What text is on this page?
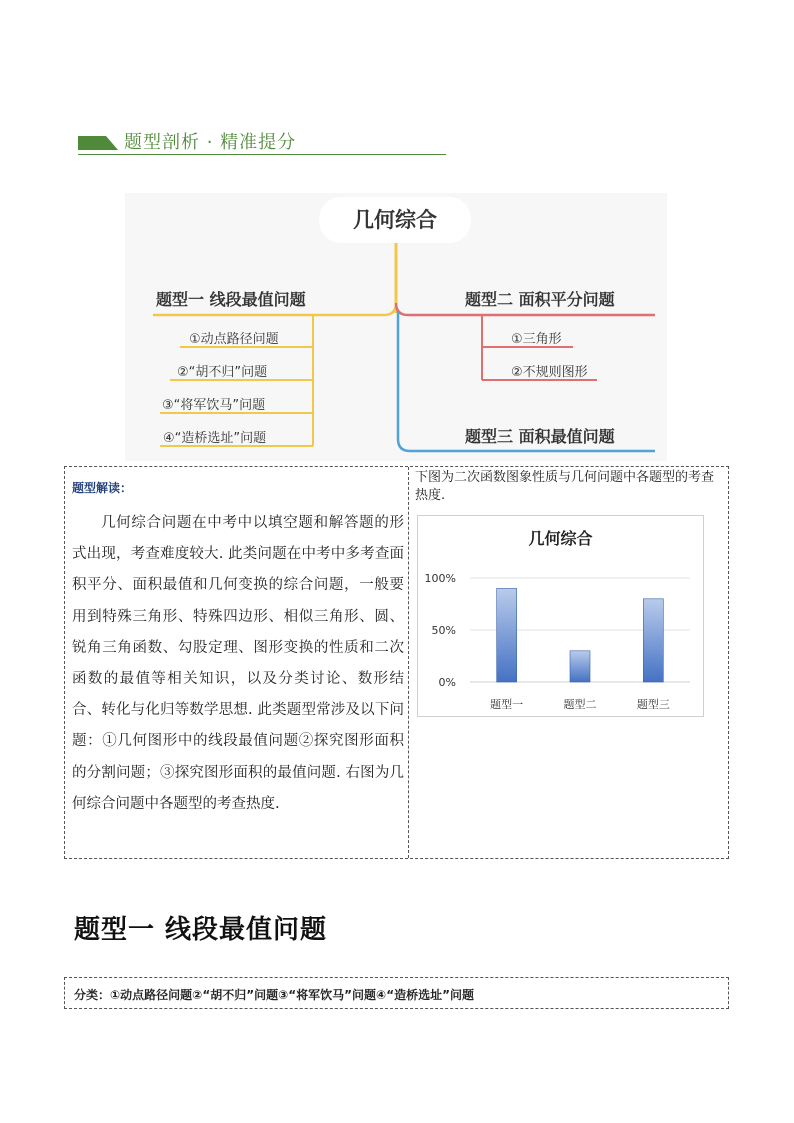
题型剖析 · 精准提分
几何综合
题型一 线段最值问题
①动点路径问题
②“胡不归”问题
③“将军饮马”问题
④“造桥选址”问题
题型二 面积平分问题
①三角形
②不规则图形
题型三 面积最值问题
题型解读：
几何综合问题在中考中以填空题和解答题的形式出现，考查难度较大. 此类问题在中考中多考查面积平分、面积最值和几何变换的综合问题，一般要用到特殊三角形、特殊四边形、相似三角形、圆、锐角三角函数、勾股定理、图形变换的性质和二次函数的最值等相关知识，以及分类讨论、数形结合、转化与化归等数学思想. 此类题型常涉及以下问题：①几何图形中的线段最值问题②探究图形面积的分割问题；③探究图形面积的最值问题. 右图为几何综合问题中各题型的考查热度.
下图为二次函数图象性质与几何问题中各题型的考查热度.
几何综合
0%
50%
100%
题型一	题型二	题型三
题型一 线段最值问题
分类：①动点路径问题②“胡不归”问题③“将军饮马”问题④“造桥选址”问题
